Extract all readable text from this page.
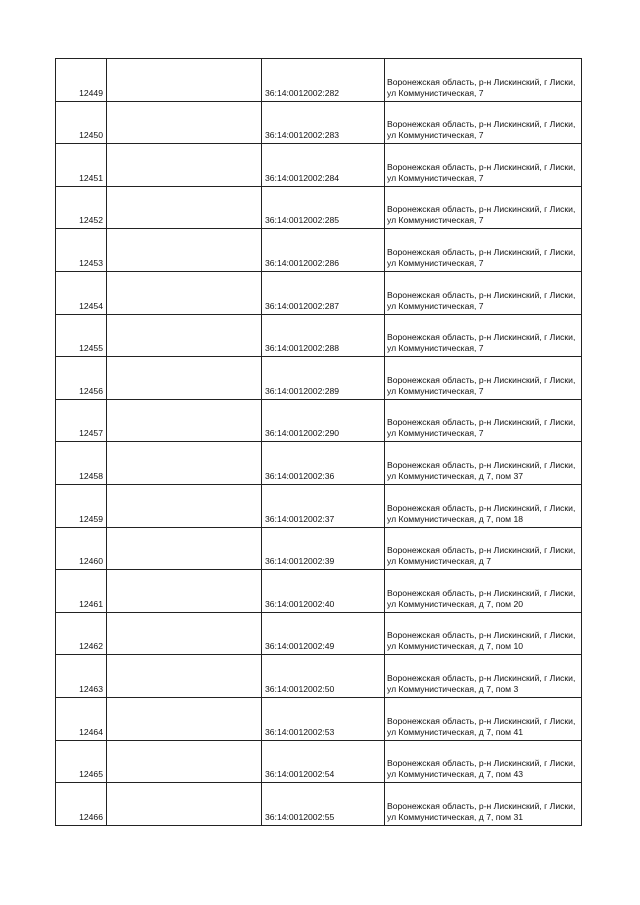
12449		36:14:0012002:282	Воронежская область, р-н Лискинский, г Лиски, ул Коммунистическая, 7
12450		36:14:0012002:283	Воронежская область, р-н Лискинский, г Лиски, ул Коммунистическая, 7
12451		36:14:0012002:284	Воронежская область, р-н Лискинский, г Лиски, ул Коммунистическая, 7
12452		36:14:0012002:285	Воронежская область, р-н Лискинский, г Лиски, ул Коммунистическая, 7
12453		36:14:0012002:286	Воронежская область, р-н Лискинский, г Лиски, ул Коммунистическая, 7
12454		36:14:0012002:287	Воронежская область, р-н Лискинский, г Лиски, ул Коммунистическая, 7
12455		36:14:0012002:288	Воронежская область, р-н Лискинский, г Лиски, ул Коммунистическая, 7
12456		36:14:0012002:289	Воронежская область, р-н Лискинский, г Лиски, ул Коммунистическая, 7
12457		36:14:0012002:290	Воронежская область, р-н Лискинский, г Лиски, ул Коммунистическая, 7
12458		36:14:0012002:36	Воронежская область, р-н Лискинский, г Лиски, ул Коммунистическая, д 7, пом 37
12459		36:14:0012002:37	Воронежская область, р-н Лискинский, г Лиски, ул Коммунистическая, д 7, пом 18
12460		36:14:0012002:39	Воронежская область, р-н Лискинский, г Лиски, ул Коммунистическая, д 7
12461		36:14:0012002:40	Воронежская область, р-н Лискинский, г Лиски, ул Коммунистическая, д 7, пом 20
12462		36:14:0012002:49	Воронежская область, р-н Лискинский, г Лиски, ул Коммунистическая, д 7, пом 10
12463		36:14:0012002:50	Воронежская область, р-н Лискинский, г Лиски, ул Коммунистическая, д 7, пом 3
12464		36:14:0012002:53	Воронежская область, р-н Лискинский, г Лиски, ул Коммунистическая, д 7, пом 41
12465		36:14:0012002:54	Воронежская область, р-н Лискинский, г Лиски, ул Коммунистическая, д 7, пом 43
12466		36:14:0012002:55	Воронежская область, р-н Лискинский, г Лиски, ул Коммунистическая, д 7, пом 31
